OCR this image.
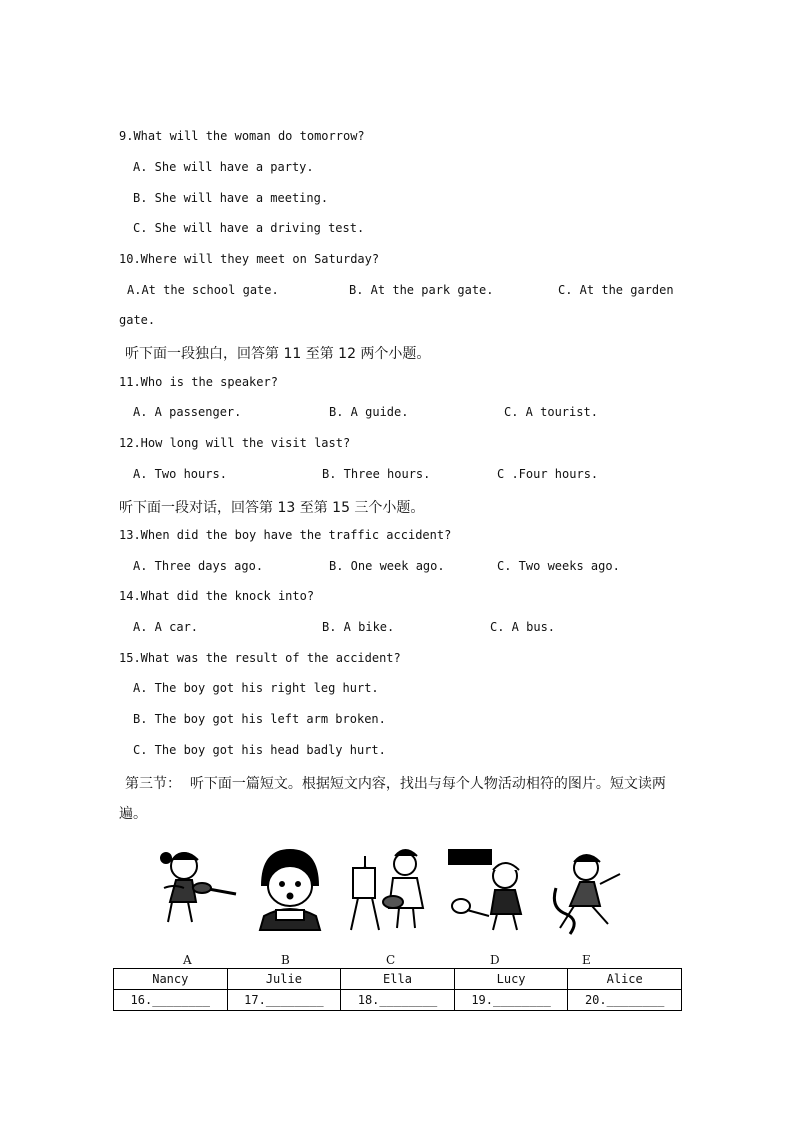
9.What will the woman do tomorrow?
A. She will have a party.
B. She will have a meeting.
C. She will have a driving test.
10.Where will they meet on Saturday?
A.At the school gate.	B. At the park gate.	C. At the garden
gate.
听下面一段独白，回答第 11 至第 12 两个小题。
11.Who is the speaker?
A. A passenger.	B. A guide.	C. A tourist.
12.How long will the visit last?
A. Two hours.	B. Three hours.	C .Four hours.
听下面一段对话，回答第 13 至第 15 三个小题。
13.When did the boy have the traffic accident?
A. Three days ago.	B. One week ago.	C. Two weeks ago.
14.What did the knock into?
A. A car.	B. A bike.	C. A bus.
15.What was the result of the accident?
A. The boy got his right leg hurt.
B. The boy got his left arm broken.
C. The boy got his head badly hurt.
第三节：  听下面一篇短文。根据短文内容，找出与每个人物活动相符的图片。短文读两
遍。
A	B	C	D	E
Nancy	Julie	Ella	Lucy	Alice
16.________	17.________	18.________	19.________	20.________
